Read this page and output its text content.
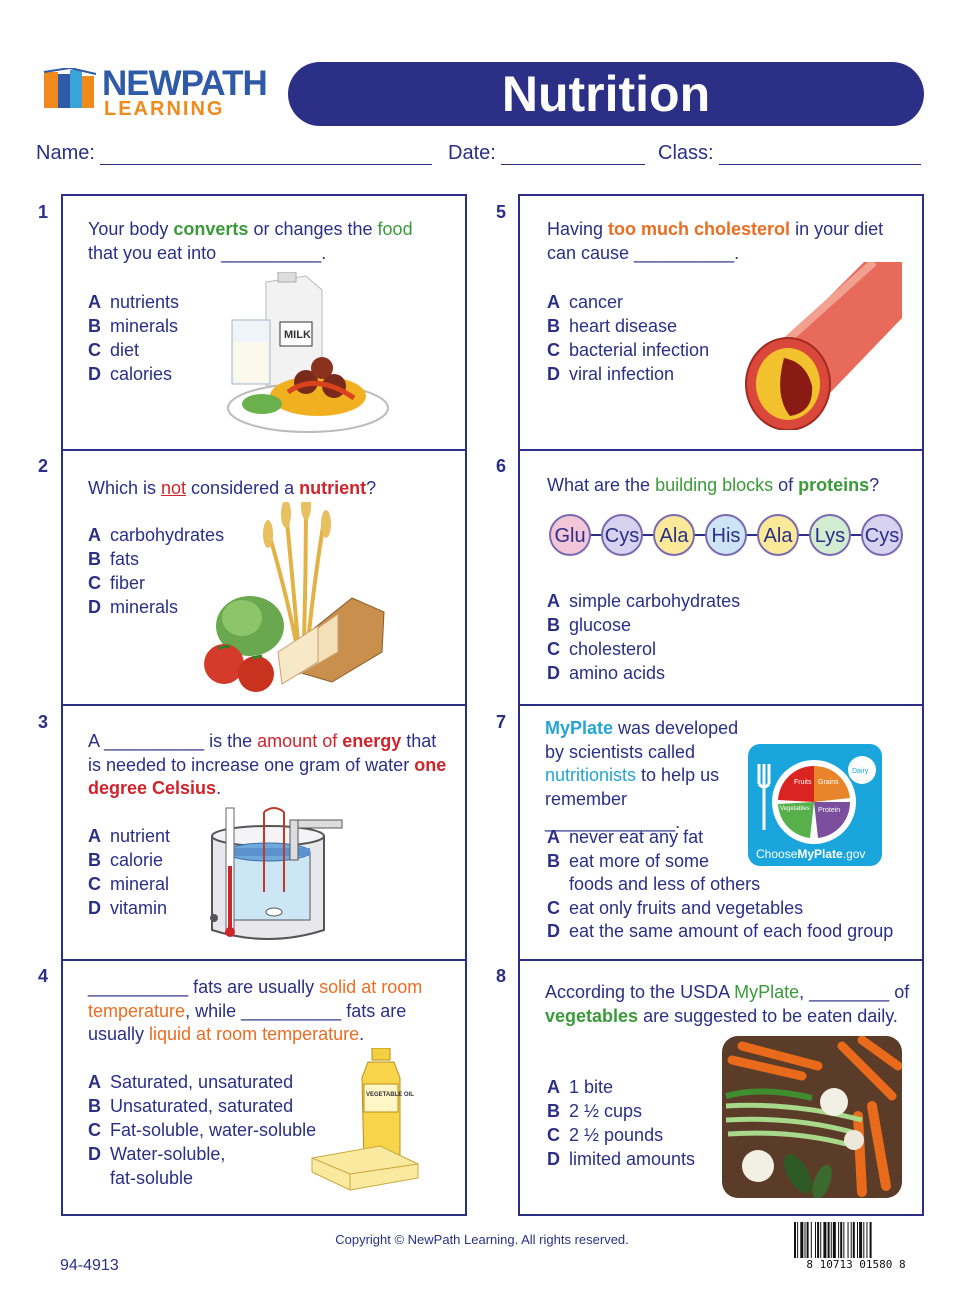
NEWPATH
LEARNING	Nutrition
Name:	Date:	Class:
1
Your body converts or changes the food that you eat into __________.
A nutrients
B minerals
C diet
D calories
MILK
2
Which is not considered a nutrient?
A carbohydrates
B fats
C fiber
D minerals
3
A __________ is the amount of energy that is needed to increase one gram of water one degree Celsius.
A nutrient
B calorie
C mineral
D vitamin
4
__________ fats are usually solid at room temperature, while __________ fats are usually liquid at room temperature.
A Saturated, unsaturated
B Unsaturated, saturated
C Fat-soluble, water-soluble
D Water-soluble,
fat-soluble
VEGETABLE OIL
5
Having too much cholesterol in your diet can cause __________.
A cancer
B heart disease
C bacterial infection
D viral infection
6
What are the building blocks of proteins?
Glu Cys Ala His Ala Lys Cys
A simple carbohydrates
B glucose
C cholesterol
D amino acids
7 MyPlate was developed by scientists called nutritionists to help us remember _____________.
Fruits Grains
Vegetables Protein
Dairy
ChooseMyPlate.gov
A never eat any fat
B eat more of some
foods and less of others
C eat only fruits and vegetables
D eat the same amount of each food group
8
According to the USDA MyPlate, ________ of vegetables are suggested to be eaten daily.
A 1 bite
B 2 ½ cups
C 2 ½ pounds
D limited amounts
Copyright © NewPath Learning. All rights reserved.
94-4913	8 10713 01580 8
